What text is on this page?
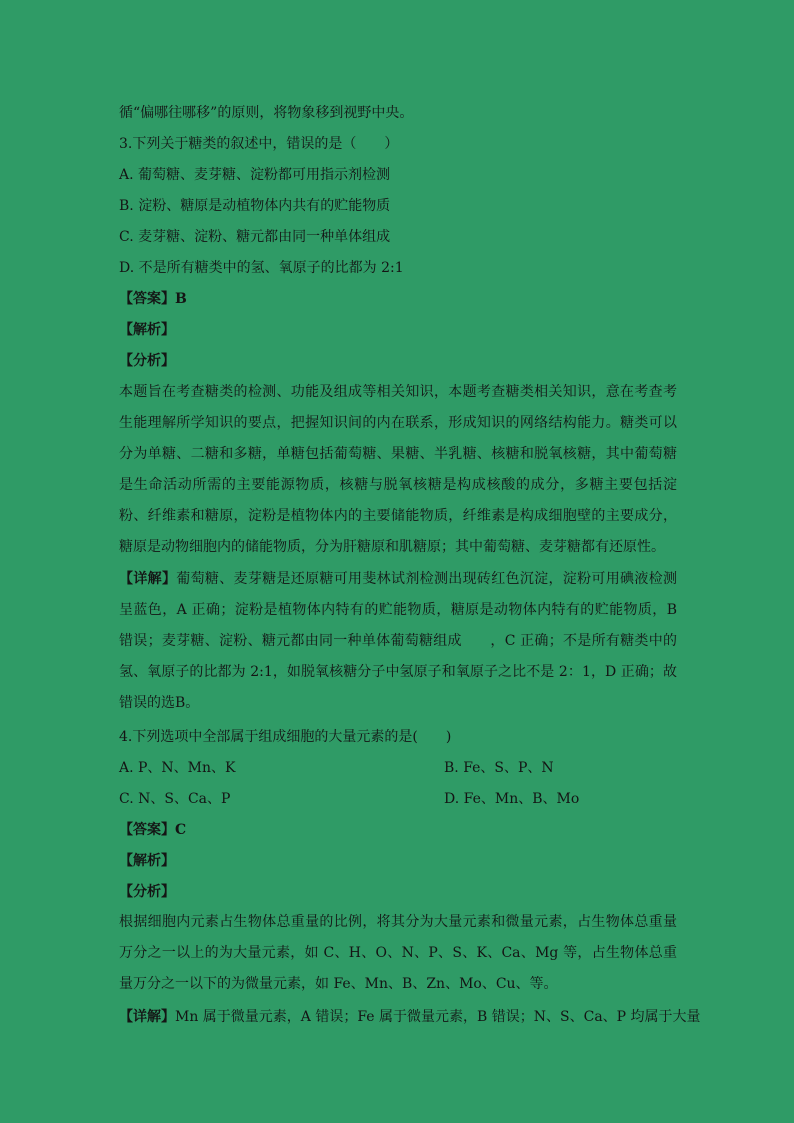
循“偏哪往哪移”的原则，将物象移到视野中央。
3.下列关于糖类的叙述中，错误的是（　　）
A. 葡萄糖、麦芽糖、淀粉都可用指示剂检测
B. 淀粉、糖原是动植物体内共有的贮能物质
C. 麦芽糖、淀粉、糖元都由同一种单体组成
D. 不是所有糖类中的氢、氧原子的比都为 2:1
【答案】B
【解析】
【分析】
本题旨在考查糖类的检测、功能及组成等相关知识，本题考查糖类相关知识，意在考查考生能理解所学知识的要点，把握知识间的内在联系，形成知识的网络结构能力。糖类可以分为单糖、二糖和多糖，单糖包括葡萄糖、果糖、半乳糖、核糖和脱氧核糖，其中葡萄糖是生命活动所需的主要能源物质，核糖与脱氧核糖是构成核酸的成分，多糖主要包括淀粉、纤维素和糖原，淀粉是植物体内的主要储能物质，纤维素是构成细胞壁的主要成分，糖原是动物细胞内的储能物质，分为肝糖原和肌糖原；其中葡萄糖、麦芽糖都有还原性。
【详解】葡萄糖、麦芽糖是还原糖可用斐林试剂检测出现砖红色沉淀，淀粉可用碘液检测呈蓝色，A 正确；淀粉是植物体内特有的贮能物质，糖原是动物体内特有的贮能物质，B 错误；麦芽糖、淀粉、糖元都由同一种单体葡萄糖组成　　，C 正确；不是所有糖类中的氢、氧原子的比都为 2:1，如脱氧核糖分子中氢原子和氧原子之比不是 2：1，D 正确；故错误的选B。
4.下列选项中全部属于组成细胞的大量元素的是(　　)
A. P、N、Mn、K	B. Fe、S、P、N
C. N、S、Ca、P	D. Fe、Mn、B、Mo
【答案】C
【解析】
【分析】
根据细胞内元素占生物体总重量的比例，将其分为大量元素和微量元素，占生物体总重量万分之一以上的为大量元素，如 C、H、O、N、P、S、K、Ca、Mg 等，占生物体总重量万分之一以下的为微量元素，如 Fe、Mn、B、Zn、Mo、Cu、等。
【详解】Mn 属于微量元素，A 错误；Fe 属于微量元素，B 错误；N、S、Ca、P 均属于大量
